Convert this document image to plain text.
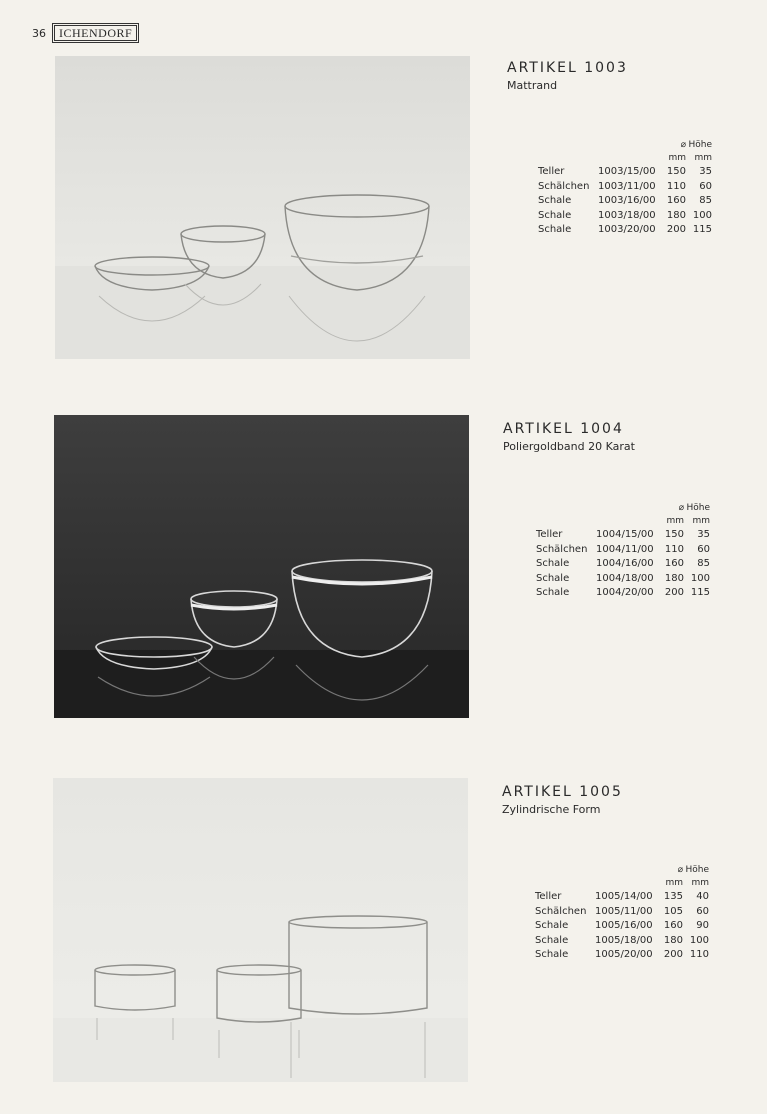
36	ICHENDORF
ARTIKEL 1003
Mattrand
⌀ Höhe
mm mm
Teller	1003/15/00 150	35
Schälchen 1003/11/00 110	60
Schale	1003/16/00 160	85
Schale	1003/18/00 180 100
Schale	1003/20/00 200 115
ARTIKEL 1004
Poliergoldband 20 Karat
⌀ Höhe
mm mm
Teller	1004/15/00 150	35
Schälchen 1004/11/00 110	60
Schale	1004/16/00 160	85
Schale	1004/18/00 180 100
Schale	1004/20/00 200 115
ARTIKEL 1005
Zylindrische Form
⌀ Höhe
mm mm
Teller	1005/14/00 135	40
Schälchen 1005/11/00 105	60
Schale	1005/16/00 160	90
Schale	1005/18/00 180 100
Schale	1005/20/00 200 110
